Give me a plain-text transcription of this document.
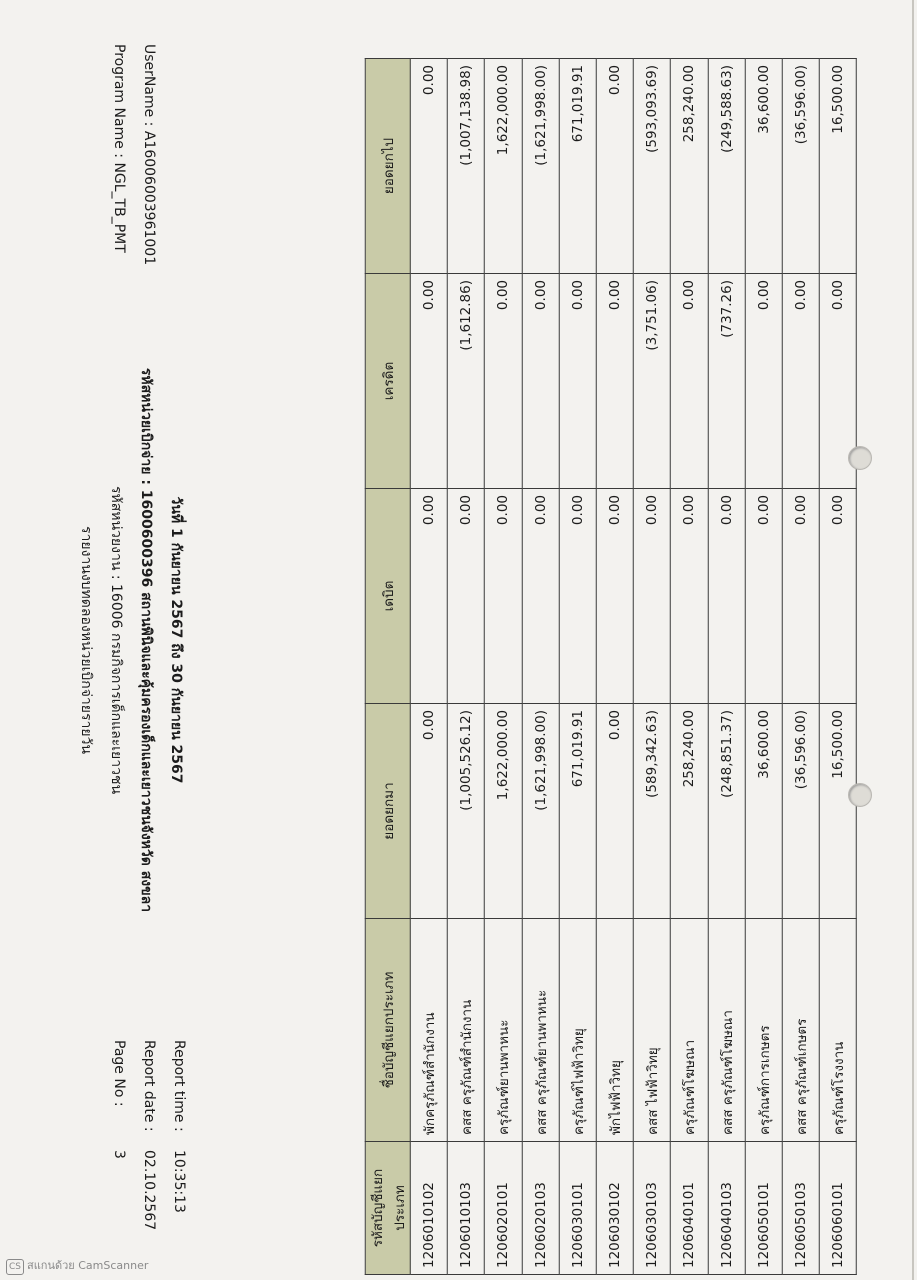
รายงานงบทดลองหน่วยเบิกจ่ายรายวัน รหัสหน่วยงาน : 16006 กรมกิจการเด็กและเยาวชน รหัสหน่วยเบิกจ่าย : 1600600396 สถานพินิจและคุ้มครองเด็กและเยาวชนจังหวัด สงขลา วันที่ 1 กันยายน 2567 ถึง 30 กันยายน 2567
Program Name : NGL_TB_PMT UserName : A16006003961001
Page No :
3
Report date :
02.10.2567
Report time :
10:35:13	รหัสบัญชีแยกประเภท	ชื่อบัญชีแยกประเภท	ยอดยกมา	เดบิต	เครดิต	ยอดยกไป
1206010102	พักครุภัณฑ์สำนักงาน	0.00	0.00	0.00	0.00
1206010103	คสส ครุภัณฑ์สำนักงาน	(1,005,526.12)	0.00	(1,612.86)	(1,007,138.98)
1206020101	ครุภัณฑ์ยานพาหนะ	1,622,000.00	0.00	0.00	1,622,000.00
1206020103	คสส ครุภัณฑ์ยานพาหนะ	(1,621,998.00)	0.00	0.00	(1,621,998.00)
1206030101	ครุภัณฑ์ไฟฟ้าวิทยุ	671,019.91	0.00	0.00	671,019.91
1206030102	พักไฟฟ้าวิทยุ	0.00	0.00	0.00	0.00
1206030103	คสส ไฟฟ้าวิทยุ	(589,342.63)	0.00	(3,751.06)	(593,093.69)
1206040101	ครุภัณฑ์โฆษณา	258,240.00	0.00	0.00	258,240.00
1206040103	คสส ครุภัณฑ์โฆษณา	(248,851.37)	0.00	(737.26)	(249,588.63)
1206050101	ครุภัณฑ์การเกษตร	36,600.00	0.00	0.00	36,600.00
1206050103	คสส ครุภัณฑ์เกษตร	(36,596.00)	0.00	0.00	(36,596.00)
1206060101	ครุภัณฑ์โรงงาน	16,500.00	0.00	0.00	16,500.00
CS สแกนด้วย CamScanner
